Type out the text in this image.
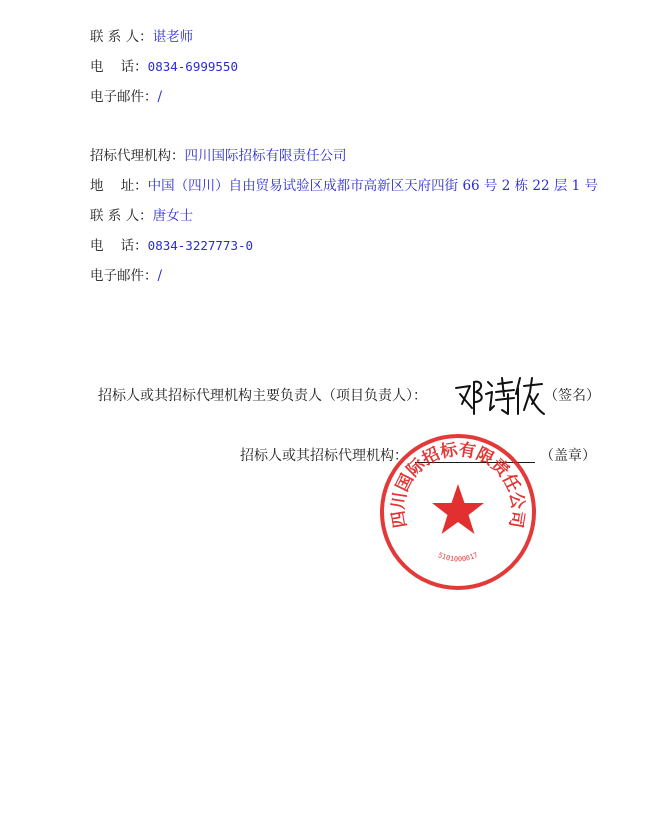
联 系 人：谌老师
电    话：0834-6999550
电子邮件：/
招标代理机构：四川国际招标有限责任公司
地    址：中国（四川）自由贸易试验区成都市高新区天府四街 66 号 2 栋 22 层 1 号
联 系 人：唐女士
电    话：0834-3227773-0
电子邮件：/
招标人或其招标代理机构主要负责人（项目负责人）：	（签名）
招标人或其招标代理机构：	（盖章）
四川国际招标有限责任公司
5101000017
